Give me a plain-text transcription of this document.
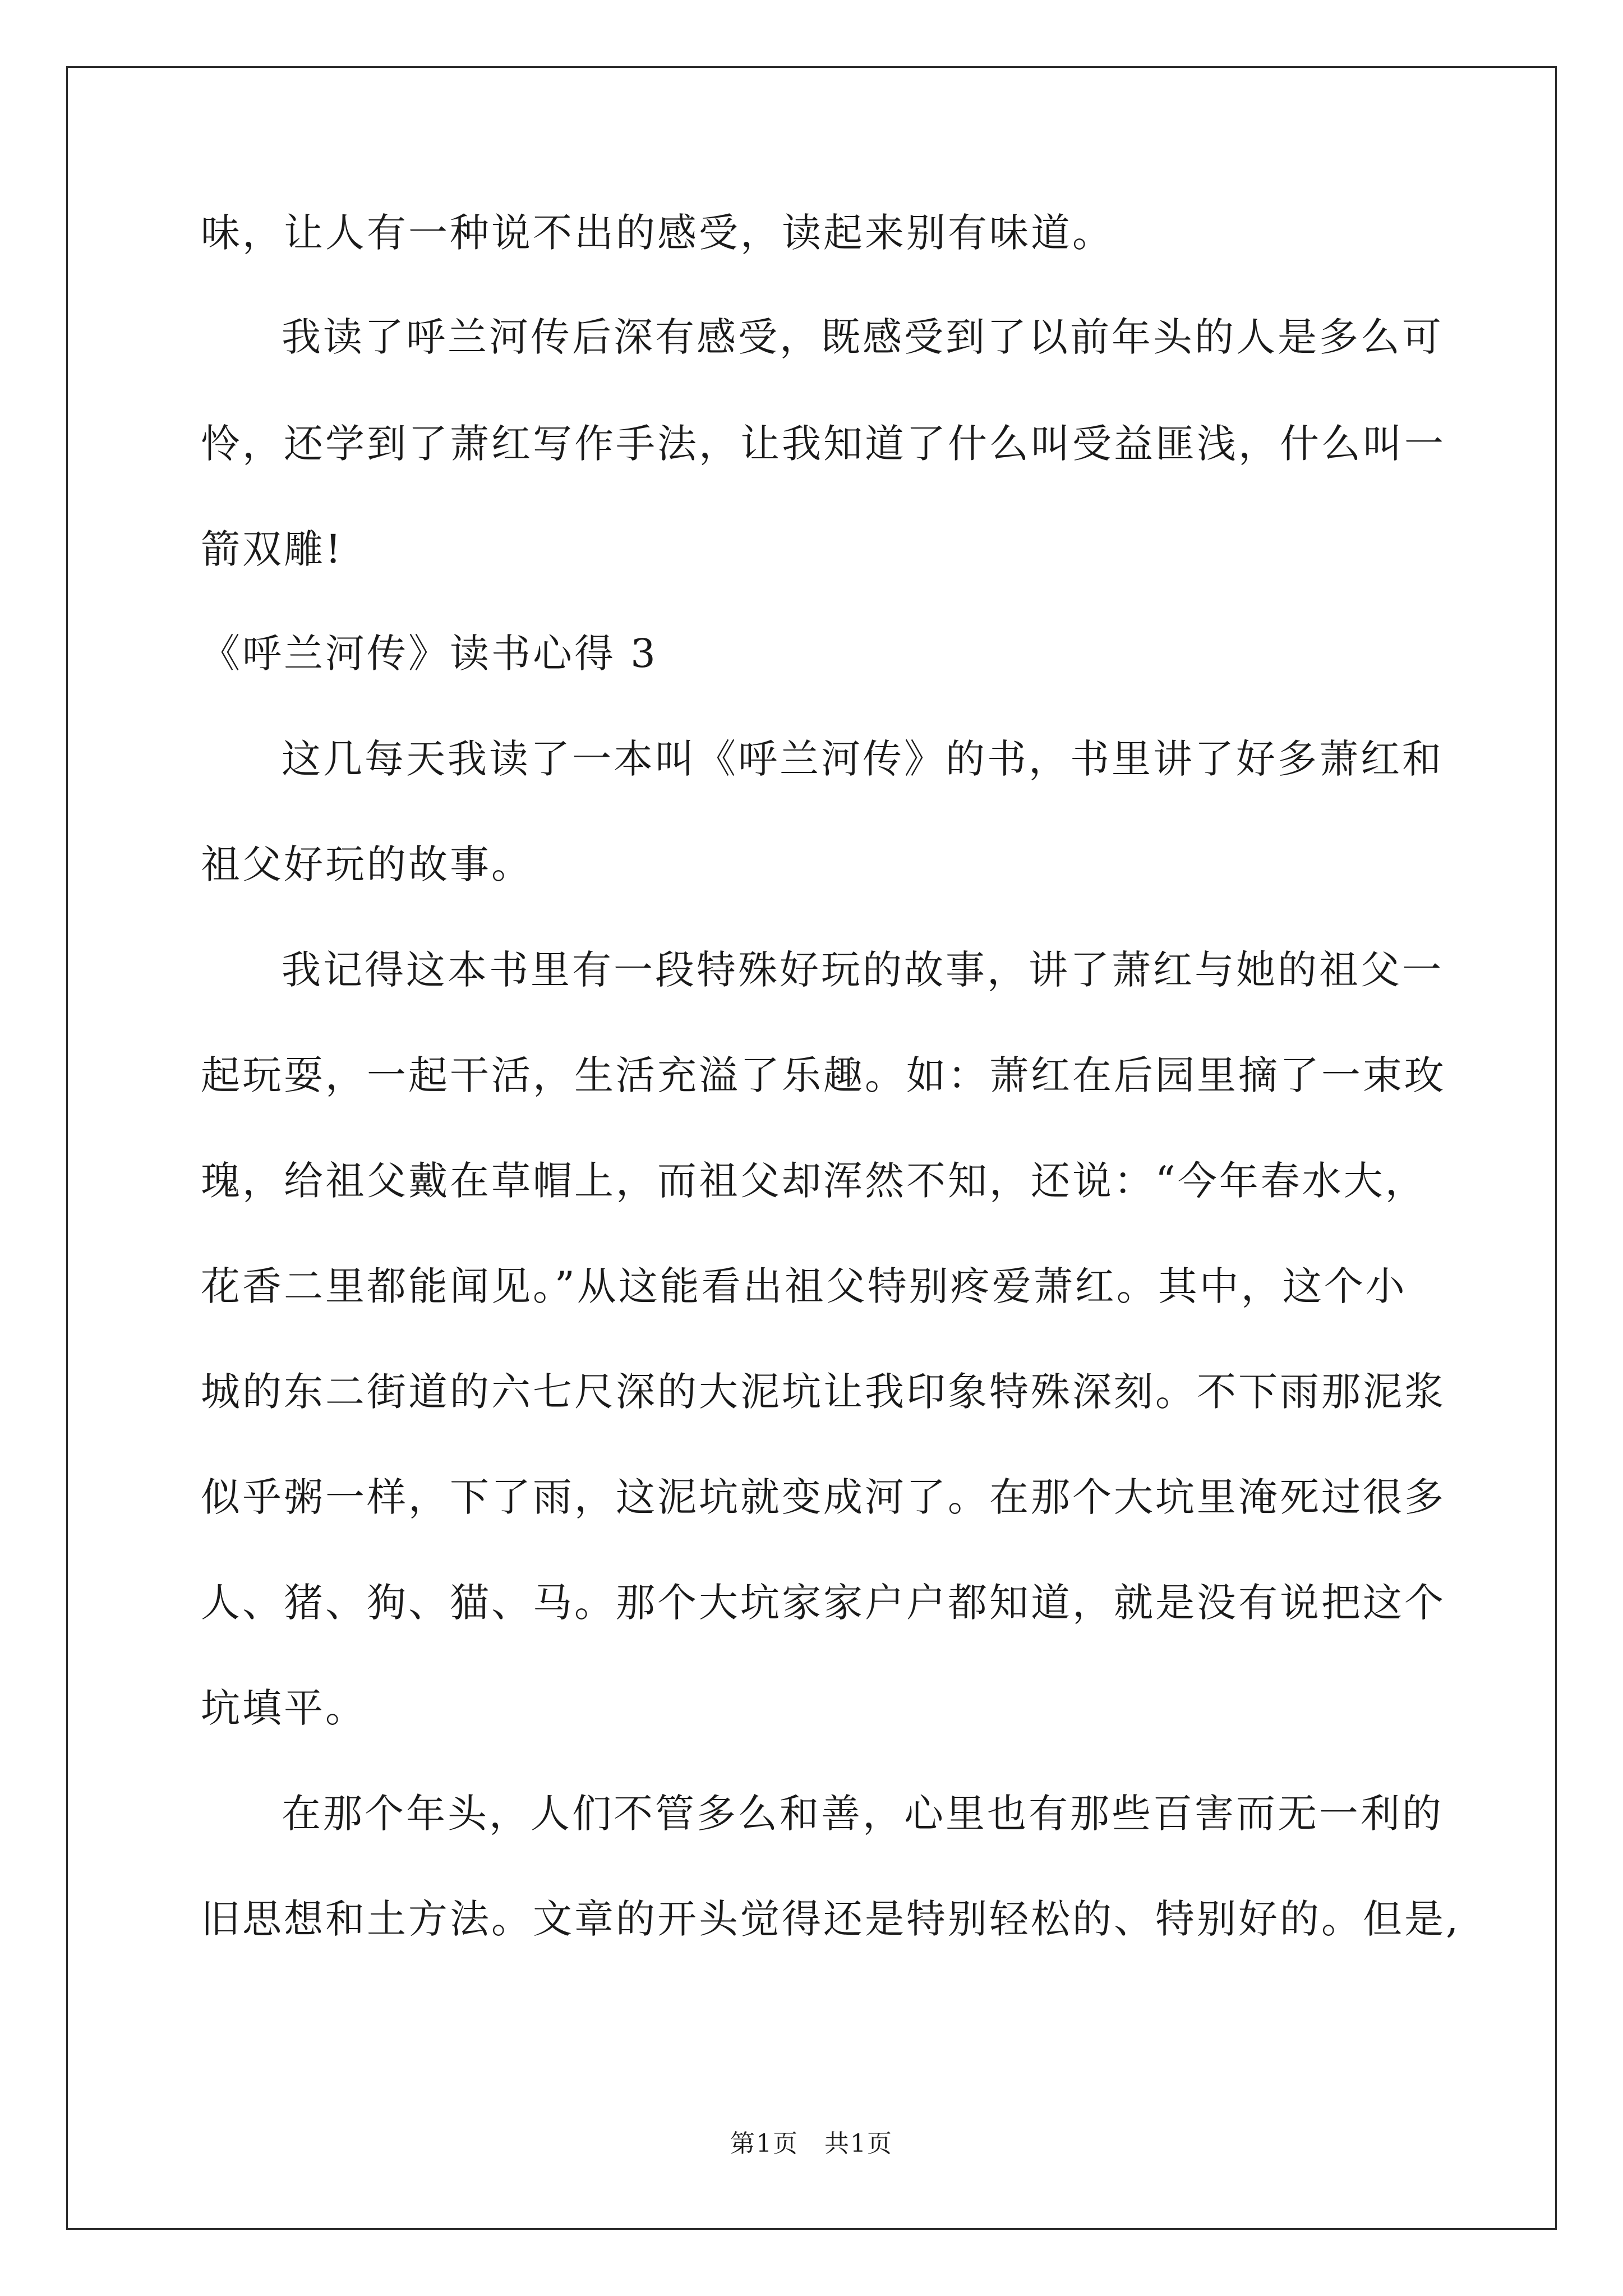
味，让人有一种说不出的感受，读起来别有味道。

我读了呼兰河传后深有感受，既感受到了以前年头的人是多么可

怜，还学到了萧红写作手法，让我知道了什么叫受益匪浅，什么叫一

箭双雕!

《呼兰河传》读书心得 3

这几每天我读了一本叫《呼兰河传》的书，书里讲了好多萧红和

祖父好玩的故事。

我记得这本书里有一段特殊好玩的故事，讲了萧红与她的祖父一

起玩耍，一起干活，生活充溢了乐趣。如：萧红在后园里摘了一束玫

瑰，给祖父戴在草帽上，而祖父却浑然不知，还说：“今年春水大，

花香二里都能闻见。”从这能看出祖父特别疼爱萧红。其中，这个小

城的东二街道的六七尺深的大泥坑让我印象特殊深刻。不下雨那泥浆

似乎粥一样，下了雨，这泥坑就变成河了。在那个大坑里淹死过很多

人、猪、狗、猫、马。那个大坑家家户户都知道，就是没有说把这个

坑填平。

在那个年头，人们不管多么和善，心里也有那些百害而无一利的

旧思想和土方法。文章的开头觉得还是特别轻松的、特别好的。但是,

第1页　共1页
